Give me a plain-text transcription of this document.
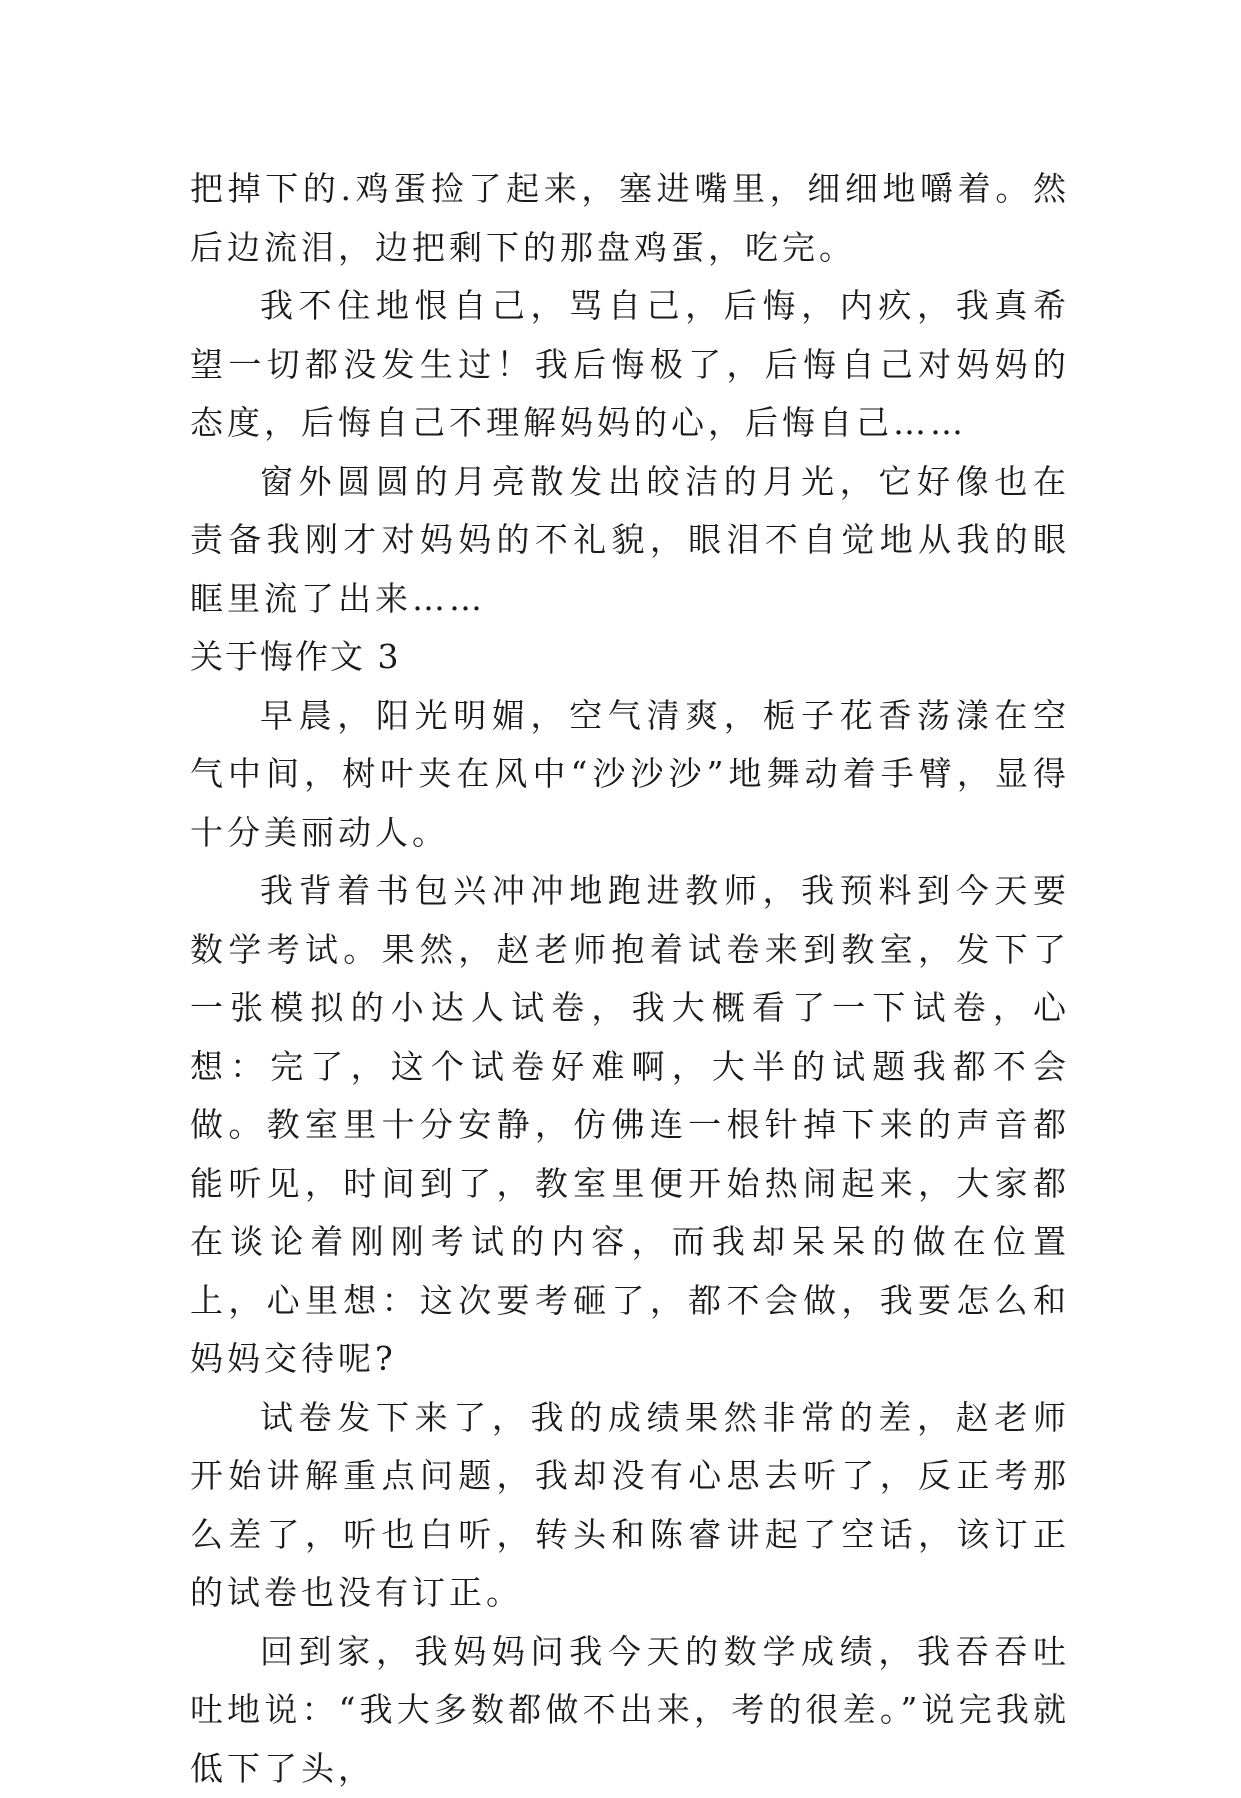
把掉下的.鸡蛋捡了起来，塞进嘴里，细细地嚼着。然后边流泪，边把剩下的那盘鸡蛋，吃完。

我不住地恨自己，骂自己，后悔，内疚，我真希望一切都没发生过！我后悔极了，后悔自己对妈妈的态度，后悔自己不理解妈妈的心，后悔自己……

窗外圆圆的月亮散发出皎洁的月光，它好像也在责备我刚才对妈妈的不礼貌，眼泪不自觉地从我的眼眶里流了出来……

关于悔作文 3

早晨，阳光明媚，空气清爽，栀子花香荡漾在空气中间，树叶夹在风中“沙沙沙”地舞动着手臂，显得十分美丽动人。

我背着书包兴冲冲地跑进教师，我预料到今天要数学考试。果然，赵老师抱着试卷来到教室，发下了一张模拟的小达人试卷，我大概看了一下试卷，心想：完了，这个试卷好难啊，大半的试题我都不会做。教室里十分安静，仿佛连一根针掉下来的声音都能听见，时间到了，教室里便开始热闹起来，大家都在谈论着刚刚考试的内容，而我却呆呆的做在位置上，心里想：这次要考砸了，都不会做，我要怎么和妈妈交待呢?

试卷发下来了，我的成绩果然非常的差，赵老师开始讲解重点问题，我却没有心思去听了，反正考那么差了，听也白听，转头和陈睿讲起了空话，该订正的试卷也没有订正。

回到家，我妈妈问我今天的数学成绩，我吞吞吐吐地说：“我大多数都做不出来，考的很差。”说完我就低下了头，
